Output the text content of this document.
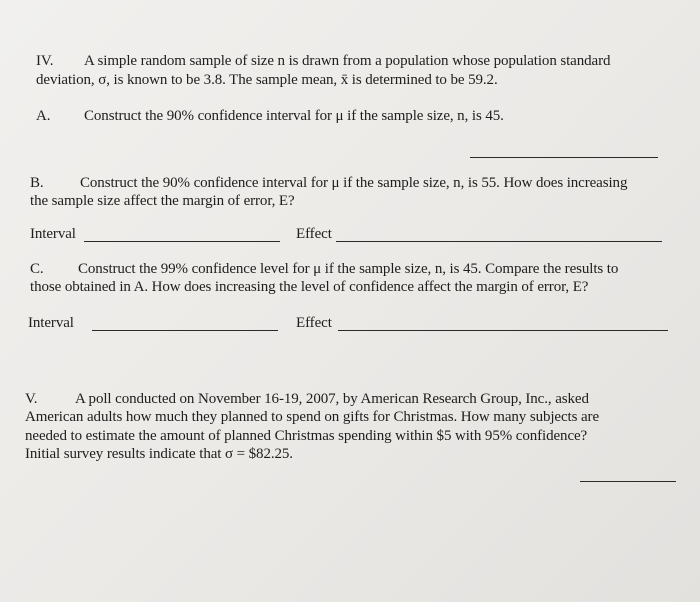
IV. A simple random sample of size n is drawn from a population whose population standard
deviation, σ, is known to be 3.8. The sample mean, x̄ is determined to be 59.2.
A. Construct the 90% confidence interval for μ if the sample size, n, is 45.
B. Construct the 90% confidence interval for μ if the sample size, n, is 55. How does increasing
the sample size affect the margin of error, E?
Interval	Effect
C. Construct the 99% confidence level for μ if the sample size, n, is 45. Compare the results to
those obtained in A. How does increasing the level of confidence affect the margin of error, E?
Interval	Effect
V.	A poll conducted on November 16-19, 2007, by American Research Group, Inc., asked
American adults how much they planned to spend on gifts for Christmas. How many subjects are
needed to estimate the amount of planned Christmas spending within $5 with 95% confidence?
Initial survey results indicate that σ = $82.25.
